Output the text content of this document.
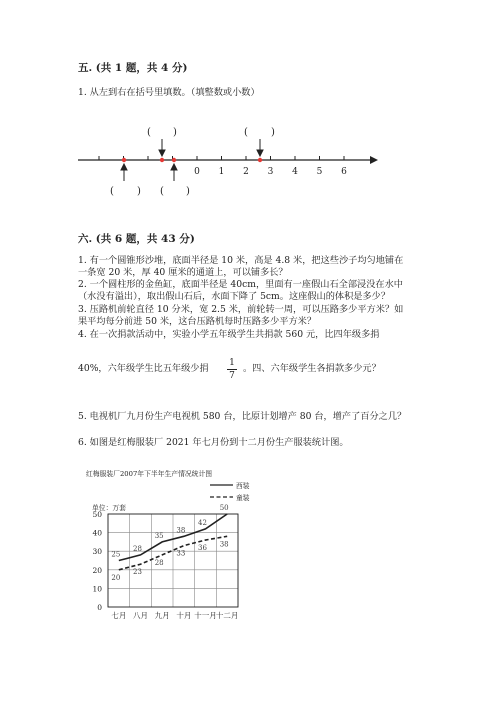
五. (共 1 题，共 4 分)
1. 从左到右在括号里填数。（填整数或小数）
0 1 2 3 4 5 6
( )	( )
( ) ( )
六. (共 6 题，共 43 分)
1. 有一个圆锥形沙堆，底面半径是 10 米，高是 4.8 米，把这些沙子均匀地铺在
一条宽 20 米，厚 40 厘米的通道上，可以铺多长？
2. 一个圆柱形的金鱼缸，底面半径是 40cm，里面有一座假山石全部浸没在水中
（水没有溢出），取出假山石后，水面下降了 5cm。这座假山的体积是多少？
3. 压路机前轮直径 10 分米，宽 2.5 米，前轮转一周，可以压路多少平方米？如
果平均每分前进 50 米，这台压路机每时压路多少平方米？
4. 在一次捐款活动中，实验小学五年级学生共捐款 560 元，比四年级多捐
40%，六年级学生比五年级少捐 1
7
。四、六年级学生各捐款多少元？
5. 电视机厂九月份生产电视机 580 台，比原计划增产 80 台，增产了百分之几？
6. 如图是红梅服装厂 2021 年七月份到十二月份生产服装统计图。
红梅服装厂2007年下半年生产情况统计图
单位：万套
西装
童装
0
10
20
30
40
50
七月 八月 九月 十月 十一月 十二月
25
28
35
38
42
50
20
23
28
33
36 38
